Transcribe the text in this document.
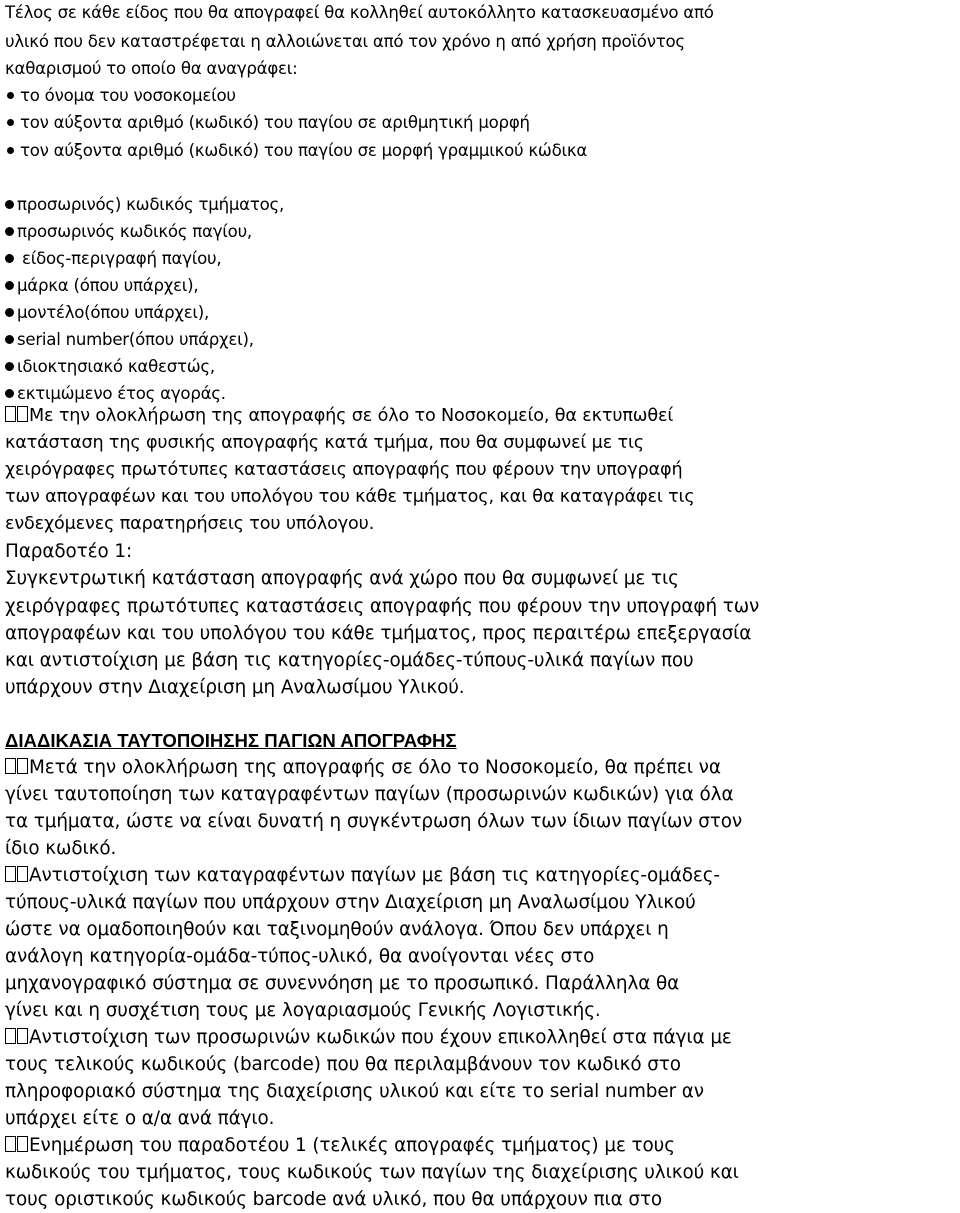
Τέλος σε κάθε είδος που θα απογραφεί θα κολληθεί αυτοκόλλητο κατασκευασμένο από
υλικό που δεν καταστρέφεται η αλλοιώνεται από τον χρόνο η από χρήση προϊόντος
καθαρισμού το οποίο θα αναγράφει:
το όνομα του νοσοκομείου
τον αύξοντα αριθμό (κωδικό) του παγίου σε αριθμητική μορφή
τον αύξοντα αριθμό (κωδικό) του παγίου σε μορφή γραμμικού κώδικα
προσωρινός) κωδικός τμήματος,
προσωρινός κωδικός παγίου,
είδος-περιγραφή παγίου,
μάρκα (όπου υπάρχει),
μοντέλο(όπου υπάρχει),
serial number(όπου υπάρχει),
ιδιοκτησιακό καθεστώς,
εκτιμώμενο έτος αγοράς.
Με την ολοκλήρωση της απογραφής σε όλο το Νοσοκομείο, θα εκτυπωθεί
κατάσταση της φυσικής απογραφής κατά τμήμα, που θα συμφωνεί με τις
χειρόγραφες πρωτότυπες καταστάσεις απογραφής που φέρουν την υπογραφή
των απογραφέων και του υπολόγου του κάθε τμήματος, και θα καταγράφει τις
ενδεχόμενες παρατηρήσεις του υπόλογου.
Παραδοτέο 1:
Συγκεντρωτική κατάσταση απογραφής ανά χώρο που θα συμφωνεί με τις
χειρόγραφες πρωτότυπες καταστάσεις απογραφής που φέρουν την υπογραφή των
απογραφέων και του υπολόγου του κάθε τμήματος, προς περαιτέρω επεξεργασία
και αντιστοίχιση με βάση τις κατηγορίες-ομάδες-τύπους-υλικά παγίων που
υπάρχουν στην Διαχείριση μη Αναλωσίμου Υλικού.
ΔΙΑΔΙΚΑΣΙΑ ΤΑΥΤΟΠΟΙΗΣΗΣ ΠΑΓΙΩΝ ΑΠΟΓΡΑΦΗΣ
Μετά την ολοκλήρωση της απογραφής σε όλο το Νοσοκομείο, θα πρέπει να
γίνει ταυτοποίηση των καταγραφέντων παγίων (προσωρινών κωδικών) για όλα
τα τμήματα, ώστε να είναι δυνατή η συγκέντρωση όλων των ίδιων παγίων στον
ίδιο κωδικό.
Αντιστοίχιση των καταγραφέντων παγίων με βάση τις κατηγορίες-ομάδες-
τύπους-υλικά παγίων που υπάρχουν στην Διαχείριση μη Αναλωσίμου Υλικού
ώστε να ομαδοποιηθούν και ταξινομηθούν ανάλογα. Όπου δεν υπάρχει η
ανάλογη κατηγορία-ομάδα-τύπος-υλικό, θα ανοίγονται νέες στο
μηχανογραφικό σύστημα σε συνεννόηση με το προσωπικό. Παράλληλα θα
γίνει και η συσχέτιση τους με λογαριασμούς Γενικής Λογιστικής.
Αντιστοίχιση των προσωρινών κωδικών που έχουν επικολληθεί στα πάγια με
τους τελικούς κωδικούς (barcode) που θα περιλαμβάνουν τον κωδικό στο
πληροφοριακό σύστημα της διαχείρισης υλικού και είτε το serial number αν
υπάρχει είτε ο α/α ανά πάγιο.
Ενημέρωση του παραδοτέου 1 (τελικές απογραφές τμήματος) με τους
κωδικούς του τμήματος, τους κωδικούς των παγίων της διαχείρισης υλικού και
τους οριστικούς κωδικούς barcode ανά υλικό, που θα υπάρχουν πια στο
